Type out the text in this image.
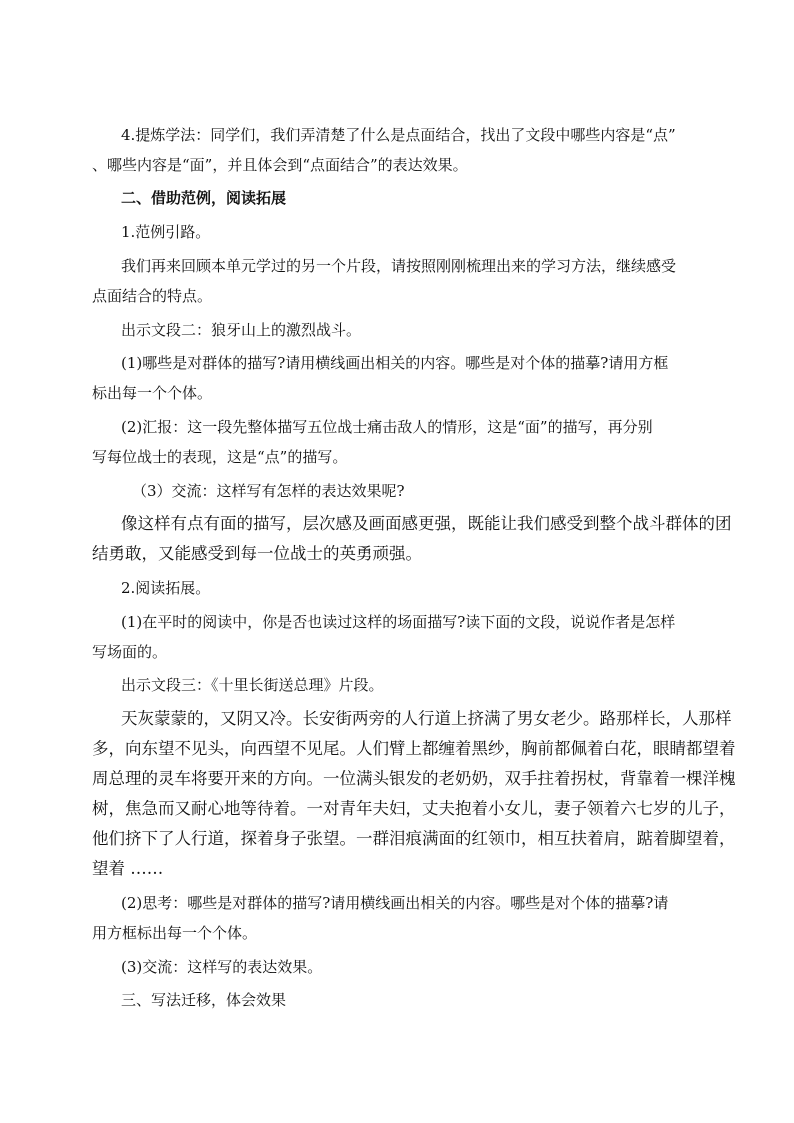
4.提炼学法：同学们，我们弄清楚了什么是点面结合，找出了文段中哪些内容是“点”
、哪些内容是“面”，并且体会到“点面结合”的表达效果。
二、借助范例，阅读拓展
1.范例引路。
我们再来回顾本单元学过的另一个片段，请按照刚刚梳理出来的学习方法，继续感受
点面结合的特点。
出示文段二：狼牙山上的激烈战斗。
(1)哪些是对群体的描写?请用横线画出相关的内容。哪些是对个体的描摹?请用方框
标出每一个个体。
(2)汇报：这一段先整体描写五位战士痛击敌人的情形，这是“面”的描写，再分别
写每位战士的表现，这是“点”的描写。
（3）交流：这样写有怎样的表达效果呢?
像这样有点有面的描写，层次感及画面感更强，既能让我们感受到整个战斗群体的团
结勇敢，又能感受到每一位战士的英勇顽强。
2.阅读拓展。
(1)在平时的阅读中，你是否也读过这样的场面描写?读下面的文段，说说作者是怎样
写场面的。
出示文段三：《十里长街送总理》片段。
天灰蒙蒙的，又阴又冷。长安街两旁的人行道上挤满了男女老少。路那样长，人那样
多，向东望不见头，向西望不见尾。人们臂上都缠着黑纱，胸前都佩着白花，眼睛都望着
周总理的灵车将要开来的方向。一位满头银发的老奶奶，双手拄着拐杖，背靠着一棵洋槐
树，焦急而又耐心地等待着。一对青年夫妇，丈夫抱着小女儿，妻子领着六七岁的儿子，
他们挤下了人行道，探着身子张望。一群泪痕满面的红领巾，相互扶着肩，踮着脚望着，
望着 ……
(2)思考：哪些是对群体的描写?请用横线画出相关的内容。哪些是对个体的描摹?请
用方框标出每一个个体。
(3)交流：这样写的表达效果。
三、写法迁移，体会效果
